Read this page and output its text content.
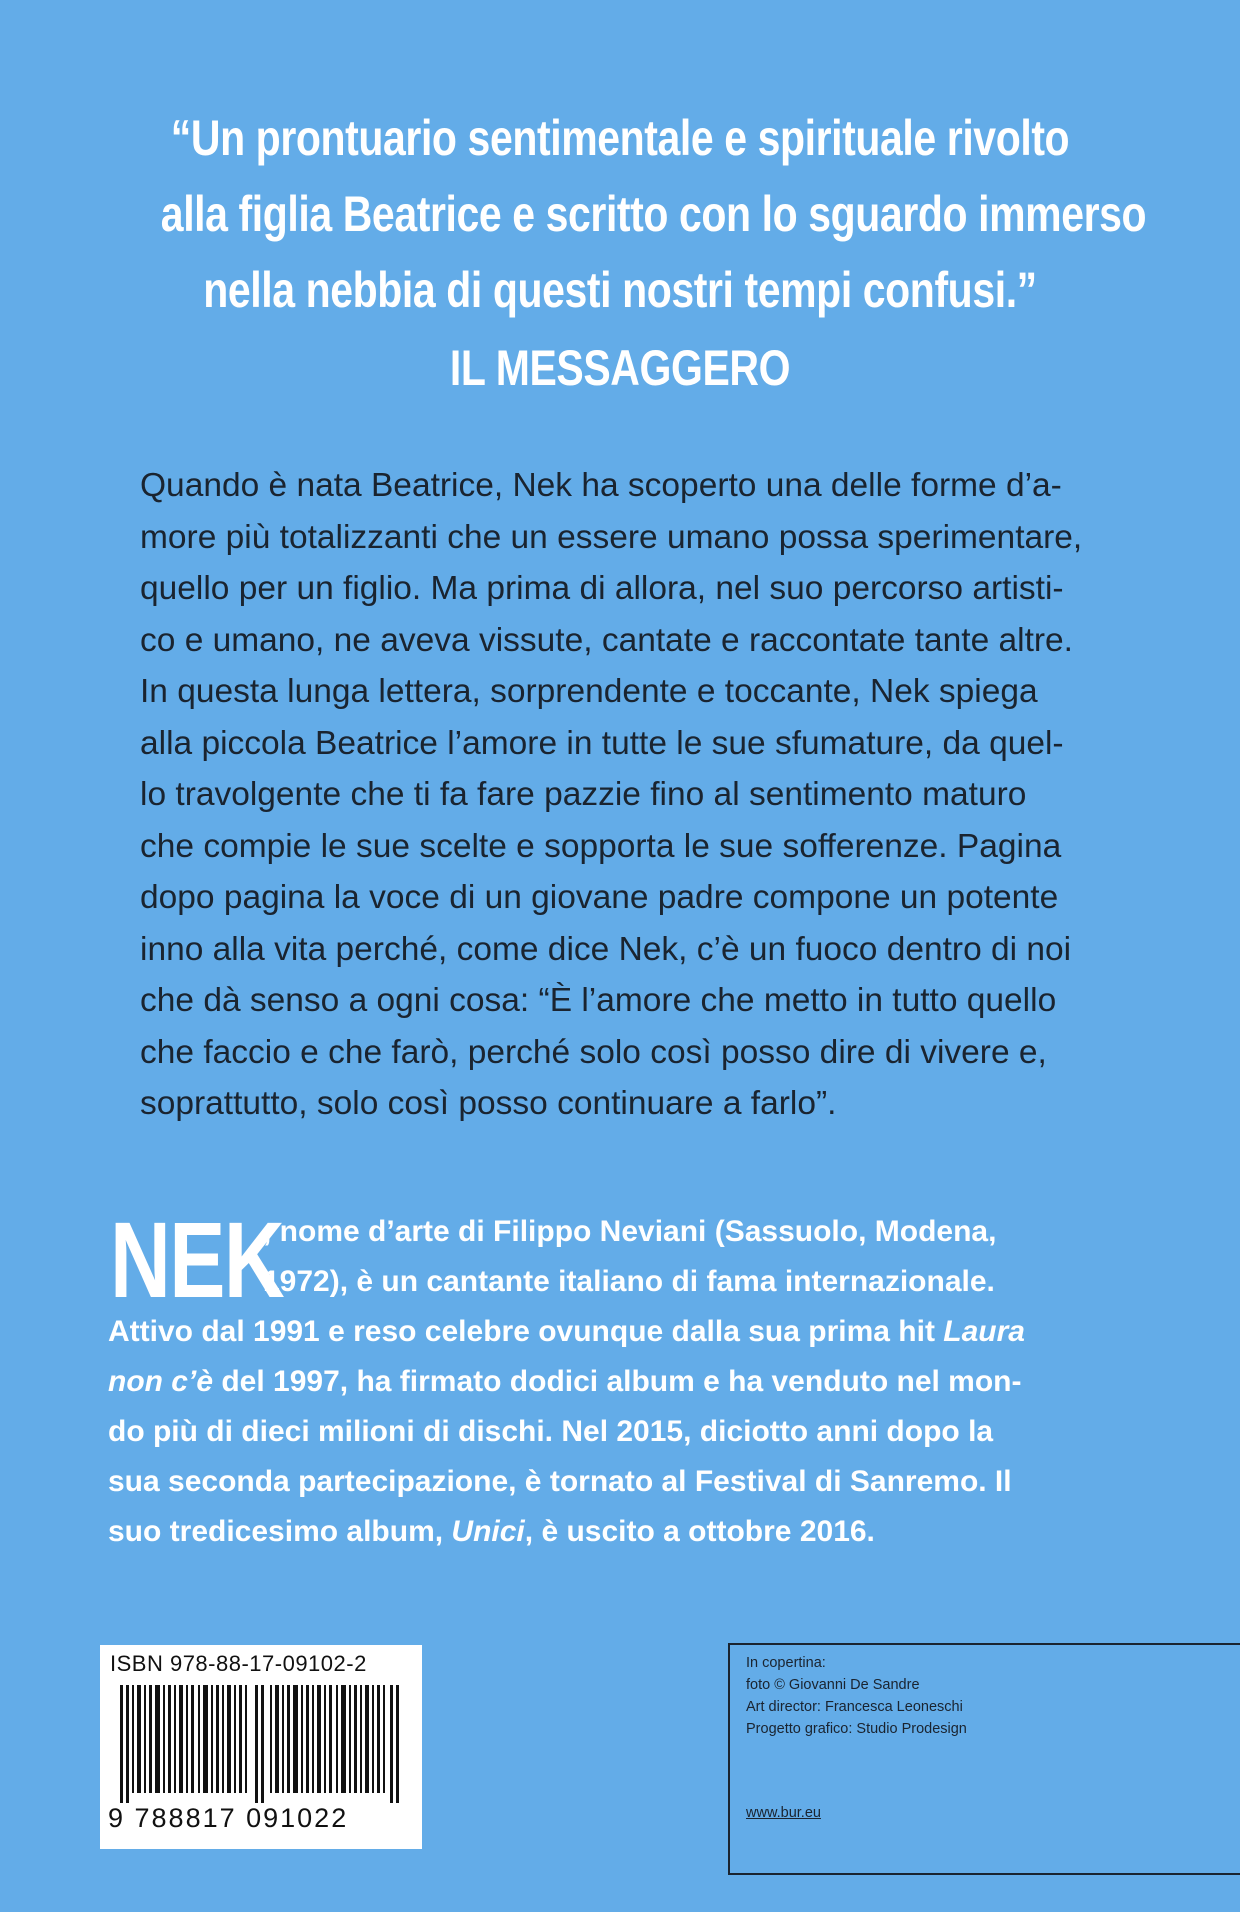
“Un prontuario sentimentale e spirituale rivolto
alla figlia Beatrice e scritto con lo sguardo immerso
nella nebbia di questi nostri tempi confusi.”
IL MESSAGGERO
Quando è nata Beatrice, Nek ha scoperto una delle forme d’a-
more più totalizzanti che un essere umano possa sperimentare,
quello per un figlio. Ma prima di allora, nel suo percorso artisti-
co e umano, ne aveva vissute, cantate e raccontate tante altre.
In questa lunga lettera, sorprendente e toccante, Nek spiega
alla piccola Beatrice l’amore in tutte le sue sfumature, da quel-
lo travolgente che ti fa fare pazzie fino al sentimento maturo
che compie le sue scelte e sopporta le sue sofferenze. Pagina
dopo pagina la voce di un giovane padre compone un potente
inno alla vita perché, come dice Nek, c’è un fuoco dentro di noi
che dà senso a ogni cosa: “È l’amore che metto in tutto quello
che faccio e che farò, perché solo così posso dire di vivere e,
soprattutto, solo così posso continuare a farlo”.
NEK
, nome d’arte di Filippo Neviani (Sassuolo, Modena,
1972), è un cantante italiano di fama internazionale.
Attivo dal 1991 e reso celebre ovunque dalla sua prima hit Laura
non c’è del 1997, ha firmato dodici album e ha venduto nel mon-
do più di dieci milioni di dischi. Nel 2015, diciotto anni dopo la
sua seconda partecipazione, è tornato al Festival di Sanremo. Il
suo tredicesimo album, Unici, è uscito a ottobre 2016.
ISBN 978-88-17-09102-2
9 788817 091022
In copertina:
foto © Giovanni De Sandre
Art director: Francesca Leoneschi
Progetto grafico: Studio Prodesign
www.bur.eu
